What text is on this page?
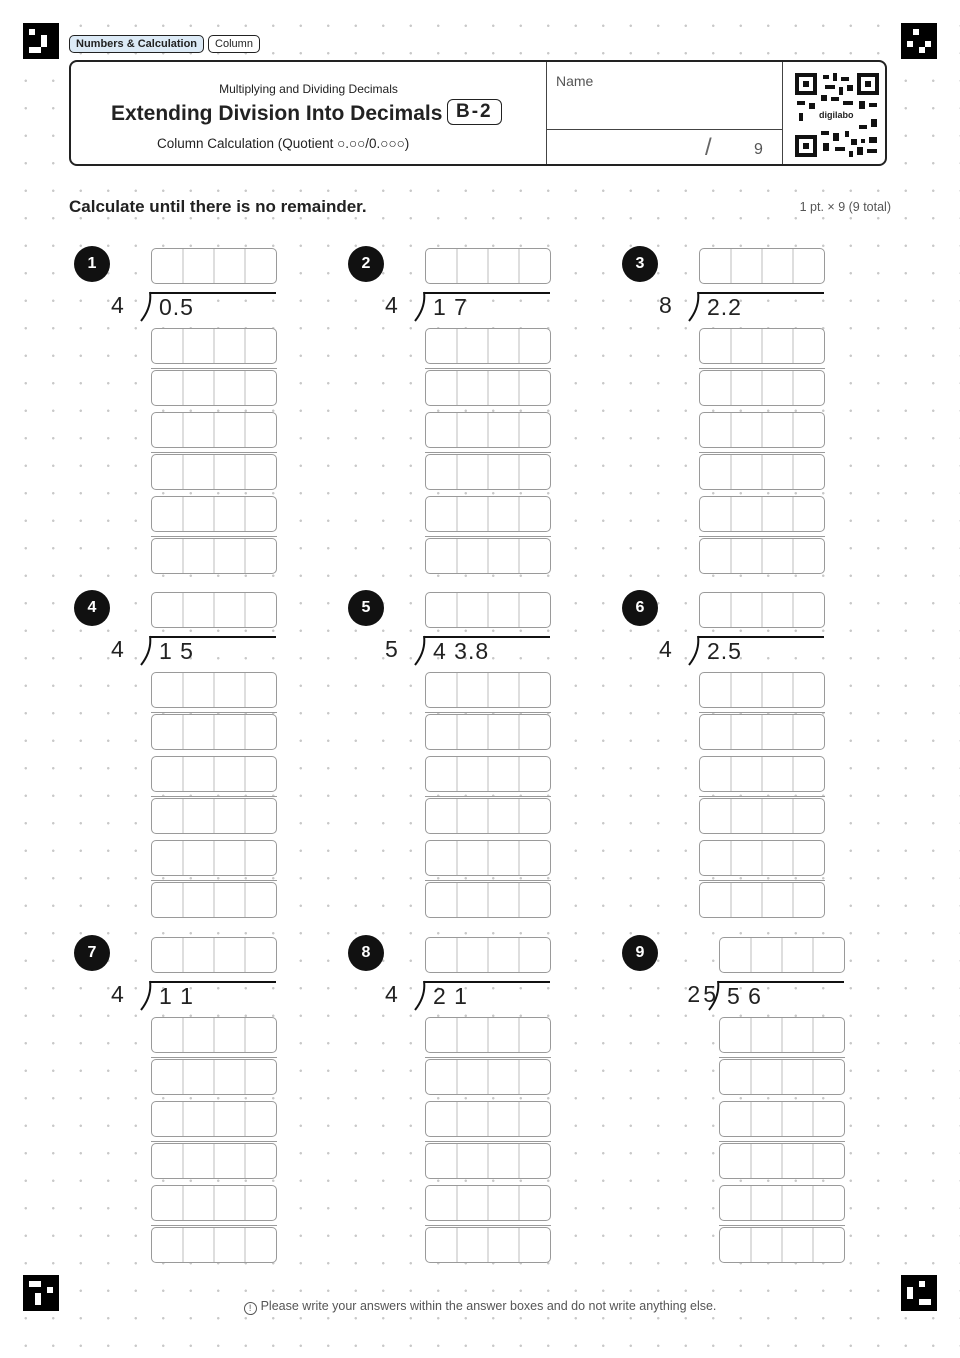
Numbers & Calculation	Column
Multiplying and Dividing Decimals
Extending Division Into Decimals B-2
Column Calculation (Quotient ○.○○/0.○○○)
Name
/	9
digilabo
Calculate until there is no remainder.	1 pt. × 9 (9 total)
1
4 0.5
2
4 1 7
3
8 2.2
4
4 1 5
5
5 4 3.8
6
4 2.5
7
4 1 1
8
4 2 1
9
25 5 6
! Please write your answers within the answer boxes and do not write anything else.
